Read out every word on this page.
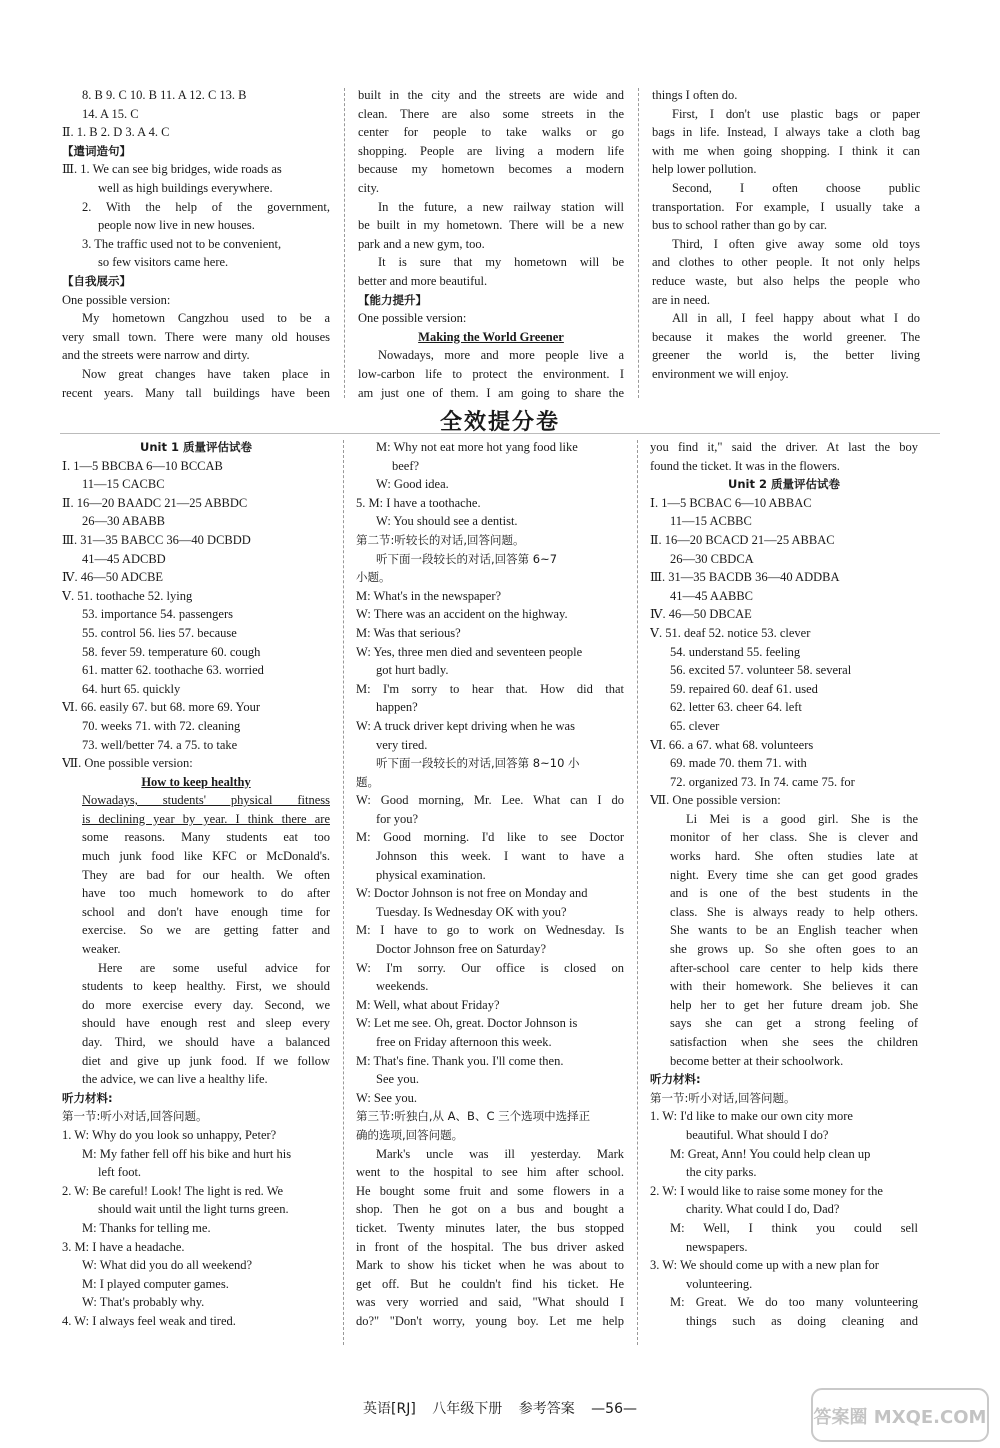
8. B 9. C 10. B 11. A 12. C 13. B
14. A 15. C
Ⅱ. 1. B 2. D 3. A 4. C
【遣词造句】
Ⅲ. 1. We can see big bridges, wide roads as
well as high buildings everywhere.
2. With the help of the government,
people now live in new houses.
3. The traffic used not to be convenient,
so few visitors came here.
【自我展示】
One possible version:
My hometown Cangzhou used to be a
very small town. There were many old houses
and the streets were narrow and dirty.
Now great changes have taken place in
recent years. Many tall buildings have been
built in the city and the streets are wide and
clean. There are also some streets in the
center for people to take walks or go
shopping. People are living a modern life
because my hometown becomes a modern
city.
In the future, a new railway station will
be built in my hometown. There will be a new
park and a new gym, too.
It is sure that my hometown will be
better and more beautiful.
【能力提升】
One possible version:
Making the World Greener
Nowadays, more and more people live a
low-carbon life to protect the environment. I
am just one of them. I am going to share the
things I often do.
First, I don't use plastic bags or paper
bags in life. Instead, I always take a cloth bag
with me when going shopping. I think it can
help lower pollution.
Second, I often choose public
transportation. For example, I usually take a
bus to school rather than go by car.
Third, I often give away some old toys
and clothes to other people. It not only helps
reduce waste, but also helps the people who
are in need.
All in all, I feel happy about what I do
because it makes the world greener. The
greener the world is, the better living
environment we will enjoy.
全效提分卷
Unit 1 质量评估试卷
Ⅰ. 1—5 BBCBA 6—10 BCCAB
11—15 CACBC
Ⅱ. 16—20 BAADC 21—25 ABBDC
26—30 ABABB
Ⅲ. 31—35 BABCC 36—40 DCBDD
41—45 ADCBD
Ⅳ. 46—50 ADCBE
Ⅴ. 51. toothache 52. lying
53. importance 54. passengers
55. control 56. lies 57. because
58. fever 59. temperature 60. cough
61. matter 62. toothache 63. worried
64. hurt 65. quickly
Ⅵ. 66. easily 67. but 68. more 69. Your
70. weeks 71. with 72. cleaning
73. well/better 74. a 75. to take
Ⅶ. One possible version:
How to keep healthy
Nowadays, students' physical fitness
is declining year by year. I think there are
some reasons. Many students eat too
much junk food like KFC or McDonald's.
They are bad for our health. We often
have too much homework to do after
school and don't have enough time for
exercise. So we are getting fatter and
weaker.
Here are some useful advice for
students to keep healthy. First, we should
do more exercise every day. Second, we
should have enough rest and sleep every
day. Third, we should have a balanced
diet and give up junk food. If we follow
the advice, we can live a healthy life.
听力材料:
第一节:听小对话,回答问题。
1. W: Why do you look so unhappy, Peter?
M: My father fell off his bike and hurt his
left foot.
2. W: Be careful! Look! The light is red. We
should wait until the light turns green.
M: Thanks for telling me.
3. M: I have a headache.
W: What did you do all weekend?
M: I played computer games.
W: That's probably why.
4. W: I always feel weak and tired.
M: Why not eat more hot yang food like
beef?
W: Good idea.
5. M: I have a toothache.
W: You should see a dentist.
第二节:听较长的对话,回答问题。
听下面一段较长的对话,回答第 6~7
小题。
M: What's in the newspaper?
W: There was an accident on the highway.
M: Was that serious?
W: Yes, three men died and seventeen people
got hurt badly.
M: I'm sorry to hear that. How did that
happen?
W: A truck driver kept driving when he was
very tired.
听下面一段较长的对话,回答第 8~10 小
题。
W: Good morning, Mr. Lee. What can I do
for you?
M: Good morning. I'd like to see Doctor
Johnson this week. I want to have a
physical examination.
W: Doctor Johnson is not free on Monday and
Tuesday. Is Wednesday OK with you?
M: I have to go to work on Wednesday. Is
Doctor Johnson free on Saturday?
W: I'm sorry. Our office is closed on
weekends.
M: Well, what about Friday?
W: Let me see. Oh, great. Doctor Johnson is
free on Friday afternoon this week.
M: That's fine. Thank you. I'll come then.
See you.
W: See you.
第三节:听独白,从 A、B、C 三个选项中选择正
确的选项,回答问题。
Mark's uncle was ill yesterday. Mark
went to the hospital to see him after school.
He bought some fruit and some flowers in a
shop. Then he got on a bus and bought a
ticket. Twenty minutes later, the bus stopped
in front of the hospital. The bus driver asked
Mark to show his ticket when he was about to
get off. But he couldn't find his ticket. He
was very worried and said, "What should I
do?" "Don't worry, young boy. Let me help
you find it," said the driver. At last the boy
found the ticket. It was in the flowers.
Unit 2 质量评估试卷
Ⅰ. 1—5 BCBAC 6—10 ABBAC
11—15 ACBBC
Ⅱ. 16—20 BCACD 21—25 ABBAC
26—30 CBDCA
Ⅲ. 31—35 BACDB 36—40 ADDBA
41—45 AABBC
Ⅳ. 46—50 DBCAE
Ⅴ. 51. deaf 52. notice 53. clever
54. understand 55. feeling
56. excited 57. volunteer 58. several
59. repaired 60. deaf 61. used
62. letter 63. cheer 64. left
65. clever
Ⅵ. 66. a 67. what 68. volunteers
69. made 70. them 71. with
72. organized 73. In 74. came 75. for
Ⅶ. One possible version:
Li Mei is a good girl. She is the
monitor of her class. She is clever and
works hard. She often studies late at
night. Every time she can get good grades
and is one of the best students in the
class. She is always ready to help others.
She wants to be an English teacher when
she grows up. So she often goes to an
after-school care center to help kids there
with their homework. She believes it can
help her to get her future dream job. She
says she can get a strong feeling of
satisfaction when she sees the children
become better at their schoolwork.
听力材料:
第一节:听小对话,回答问题。
1. W: I'd like to make our own city more
beautiful. What should I do?
M: Great, Ann! You could help clean up
the city parks.
2. W: I would like to raise some money for the
charity. What could I do, Dad?
M: Well, I think you could sell
newspapers.
3. W: We should come up with a new plan for
volunteering.
M: Great. We do too many volunteering
things such as doing cleaning and
英语[RJ] 八年级下册 参考答案 —56—	答案圈 MXQE.COM
